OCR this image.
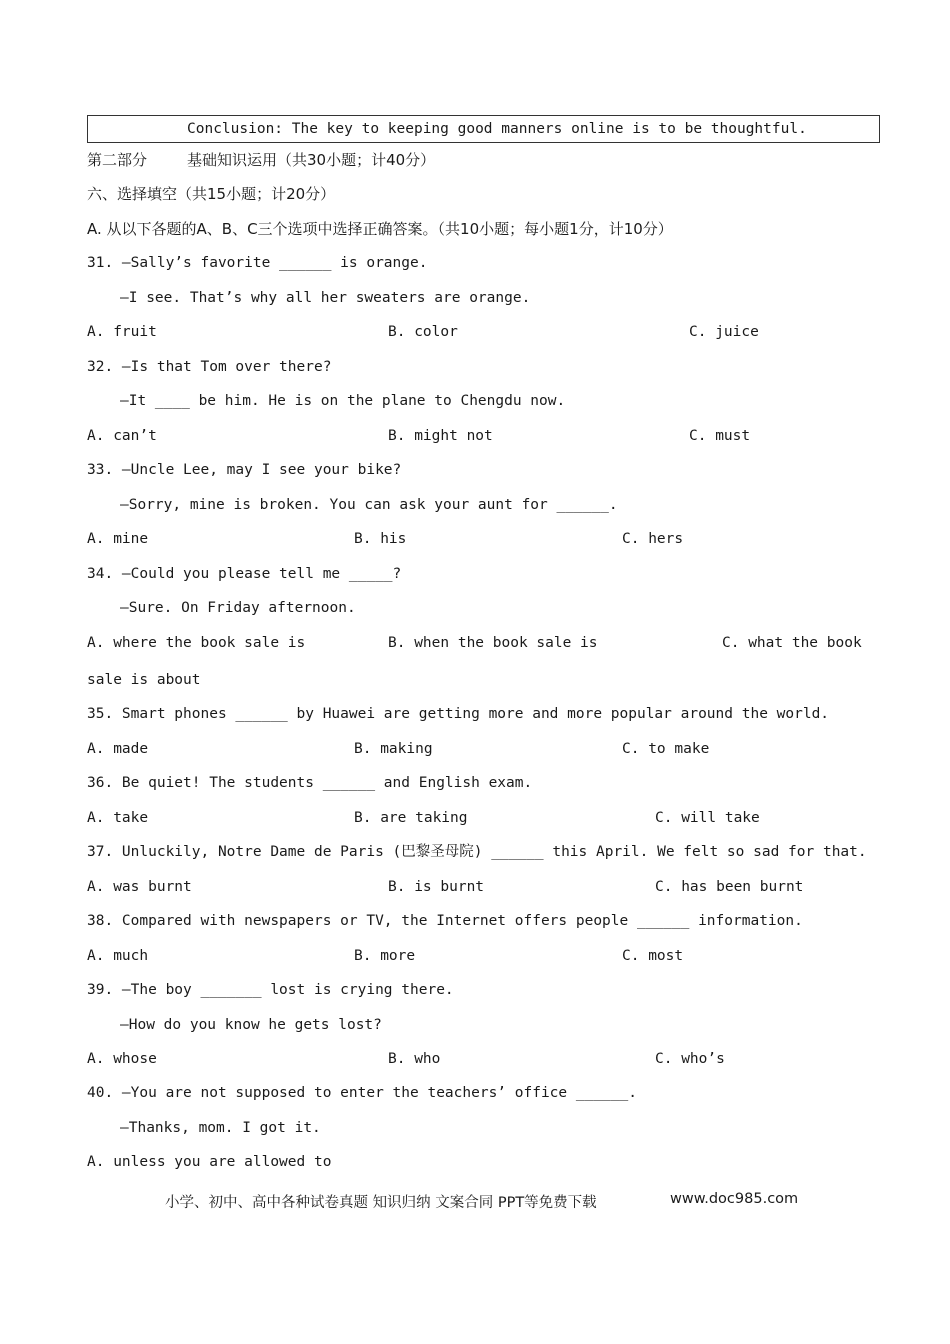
Conclusion: The key to keeping good manners online is to be thoughtful.
第二部分	基础知识运用（共30小题；计40分）
六、选择填空（共15小题；计20分）
A. 从以下各题的A、B、C三个选项中选择正确答案。（共10小题；每小题1分，计10分）
31. —Sally’s favorite ______ is orange.
—I see. That’s why all her sweaters are orange.
A. fruit	B. color	C. juice
32. —Is that Tom over there?
—It ____ be him. He is on the plane to Chengdu now.
A. can’t	B. might not	C. must
33. —Uncle Lee, may I see your bike?
—Sorry, mine is broken. You can ask your aunt for ______.
A. mine	B. his	C. hers
34. —Could you please tell me _____?
—Sure. On Friday afternoon.
A. where the book sale is	B. when the book sale is	C. what the book
sale is about
35. Smart phones ______ by Huawei are getting more and more popular around the world.
A. made	B. making	C. to make
36. Be quiet! The students ______ and English exam.
A. take	B. are taking	C. will take
37. Unluckily, Notre Dame de Paris (巴黎圣母院) ______ this April. We felt so sad for that.
A. was burnt	B. is burnt	C. has been burnt
38. Compared with newspapers or TV, the Internet offers people ______ information.
A. much	B. more	C. most
39. —The boy _______ lost is crying there.
—How do you know he gets lost?
A. whose	B. who	C. who’s
40. —You are not supposed to enter the teachers’ office ______.
—Thanks, mom. I got it.
A. unless you are allowed to
小学、初中、高中各种试卷真题 知识归纳 文案合同 PPT等免费下载	www.doc985.com
